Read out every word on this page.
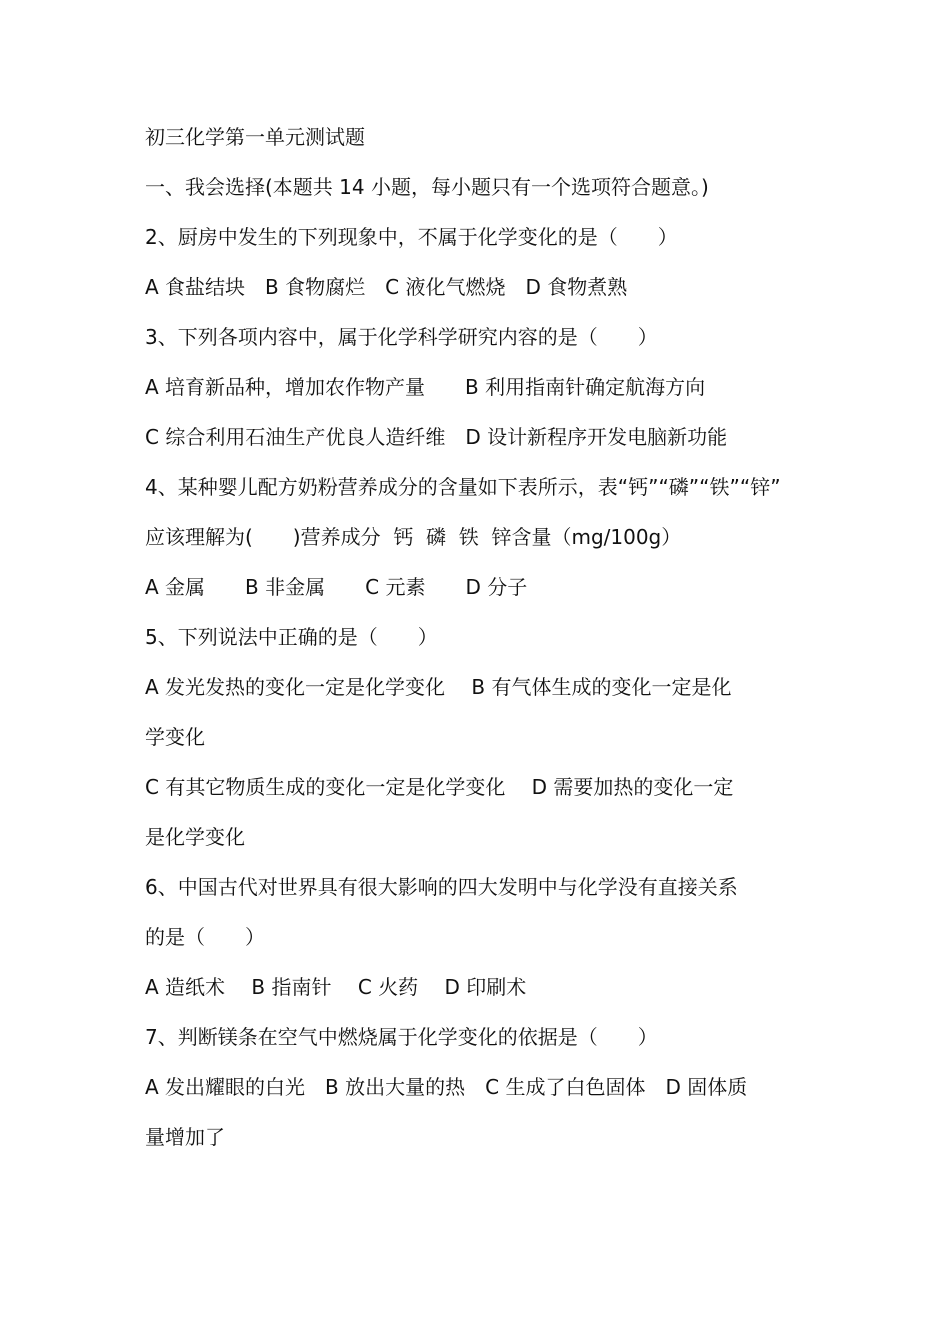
初三化学第一单元测试题
一、我会选择(本题共 14 小题，每小题只有一个选项符合题意。)
2、厨房中发生的下列现象中，不属于化学变化的是（　　）
A 食盐结块　B 食物腐烂　C 液化气燃烧　D 食物煮熟
3、下列各项内容中，属于化学科学研究内容的是（　　）
A 培育新品种，增加农作物产量　　B 利用指南针确定航海方向
C 综合利用石油生产优良人造纤维　D 设计新程序开发电脑新功能
4、某种婴儿配方奶粉营养成分的含量如下表所示，表“钙”“磷”“铁”“锌”
应该理解为(　　)营养成分  钙  磷  铁  锌含量（mg/100g）
A 金属　　B 非金属　　C 元素　　D 分子
5、下列说法中正确的是（　　）
A 发光发热的变化一定是化学变化　 B 有气体生成的变化一定是化
学变化
C 有其它物质生成的变化一定是化学变化　 D 需要加热的变化一定
是化学变化
6、中国古代对世界具有很大影响的四大发明中与化学没有直接关系
的是（　　）
A 造纸术　 B 指南针　 C 火药　 D 印刷术
7、判断镁条在空气中燃烧属于化学变化的依据是（　　）
A 发出耀眼的白光　B 放出大量的热　C 生成了白色固体　D 固体质
量增加了
